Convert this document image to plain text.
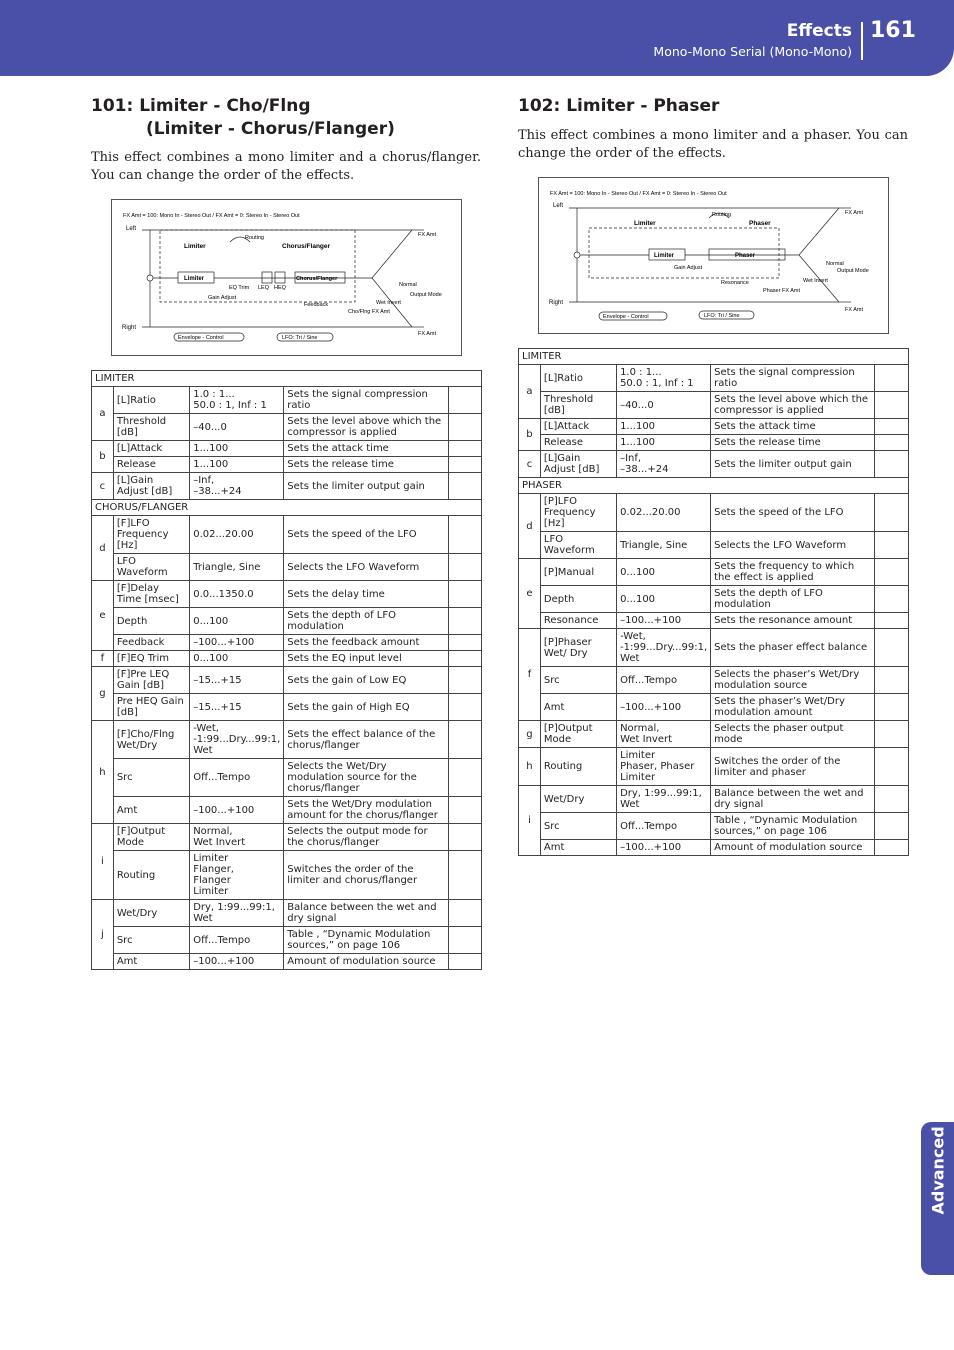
Effects
Mono-Mono Serial (Mono-Mono)
161
Advanced
101: Limiter - Cho/Flng
(Limiter - Chorus/Flanger)
This effect combines a mono limiter and a chorus/flanger. You can change the order of the effects.
FX Amt = 100: Mono In - Stereo Out / FX Amt = 0: Stereo In - Stereo Out
Left
Right
Routing
Limiter	Chorus/Flanger
Limiter	Chorus/Flanger
EQ Trim LEQ HEQ
Gain Adjust
Feedback
Cho/Flng FX Amt
Wet Invert
Normal
Output Mode
FX Amt
FX Amt
Envelope - Control	LFO: Tri / Sine
LIMITER				
a	[L]Ratio	1.0 : 1...
50.0 : 1, Inf : 1	Sets the signal compression ratio	
	Threshold [dB]	–40...0	Sets the level above which the compressor is applied	
b	[L]Attack	1...100	Sets the attack time	
	Release	1...100	Sets the release time	
c	[L]Gain Adjust [dB]	–Inf,
–38...+24	Sets the limiter output gain	
CHORUS/FLANGER				
d	[F]LFO Frequency [Hz]	0.02...20.00	Sets the speed of the LFO	
	LFO Waveform	Triangle, Sine	Selects the LFO Waveform	
e	[F]Delay Time [msec]	0.0...1350.0	Sets the delay time	
	Depth	0...100	Sets the depth of LFO modulation	
	Feedback	–100...+100	Sets the feedback amount	
f	[F]EQ Trim	0...100	Sets the EQ input level	
g	[F]Pre LEQ Gain [dB]	–15...+15	Sets the gain of Low EQ	
	Pre HEQ Gain [dB]	–15...+15	Sets the gain of High EQ	
h	[F]Cho/Flng Wet/Dry	-Wet, -1:99...Dry...99:1, Wet	Sets the effect balance of the chorus/flanger	
	Src	Off...Tempo	Selects the Wet/Dry modulation source for the chorus/flanger	
	Amt	–100...+100	Sets the Wet/Dry modulation amount for the chorus/flanger	
i	[F]Output Mode	Normal,
Wet Invert	Selects the output mode for the chorus/flanger	
	Routing	Limiter
Flanger,
Flanger
Limiter	Switches the order of the limiter and chorus/flanger	
j	Wet/Dry	Dry, 1:99...99:1, Wet	Balance between the wet and dry signal	
	Src	Off...Tempo	Table , “Dynamic Modulation sources,” on page 106	
	Amt	–100...+100	Amount of modulation source	
102: Limiter - Phaser
This effect combines a mono limiter and a phaser. You can change the order of the effects.
FX Amt = 100: Mono In - Stereo Out / FX Amt = 0: Stereo In - Stereo Out
Left
Right
Routing
Limiter	Phaser
Limiter	Phaser
Gain Adjust
Resonance
Phaser FX Amt
Wet Invert
Normal
Output Mode
FX Amt
FX Amt
Envelope - Control	LFO: Tri / Sine
LIMITER				
a	[L]Ratio	1.0 : 1...
50.0 : 1, Inf : 1	Sets the signal compression ratio	
	Threshold [dB]	–40...0	Sets the level above which the compressor is applied	
b	[L]Attack	1...100	Sets the attack time	
	Release	1...100	Sets the release time	
c	[L]Gain Adjust [dB]	–Inf,
–38...+24	Sets the limiter output gain	
PHASER				
d	[P]LFO Frequency [Hz]	0.02...20.00	Sets the speed of the LFO	
	LFO Waveform	Triangle, Sine	Selects the LFO Waveform	
e	[P]Manual	0...100	Sets the frequency to which the effect is applied	
	Depth	0...100	Sets the depth of LFO modulation	
	Resonance	–100...+100	Sets the resonance amount	
f	[P]Phaser Wet/ Dry	-Wet, -1:99...Dry...99:1, Wet	Sets the phaser effect balance	
	Src	Off...Tempo	Selects the phaser’s Wet/Dry modulation source	
	Amt	–100...+100	Sets the phaser’s Wet/Dry modulation amount	
g	[P]Output Mode	Normal,
Wet Invert	Selects the phaser output mode	
h	Routing	Limiter
Phaser, Phaser
Limiter	Switches the order of the limiter and phaser	
i	Wet/Dry	Dry, 1:99...99:1, Wet	Balance between the wet and dry signal	
	Src	Off...Tempo	Table , “Dynamic Modulation sources,” on page 106	
	Amt	–100...+100	Amount of modulation source	
